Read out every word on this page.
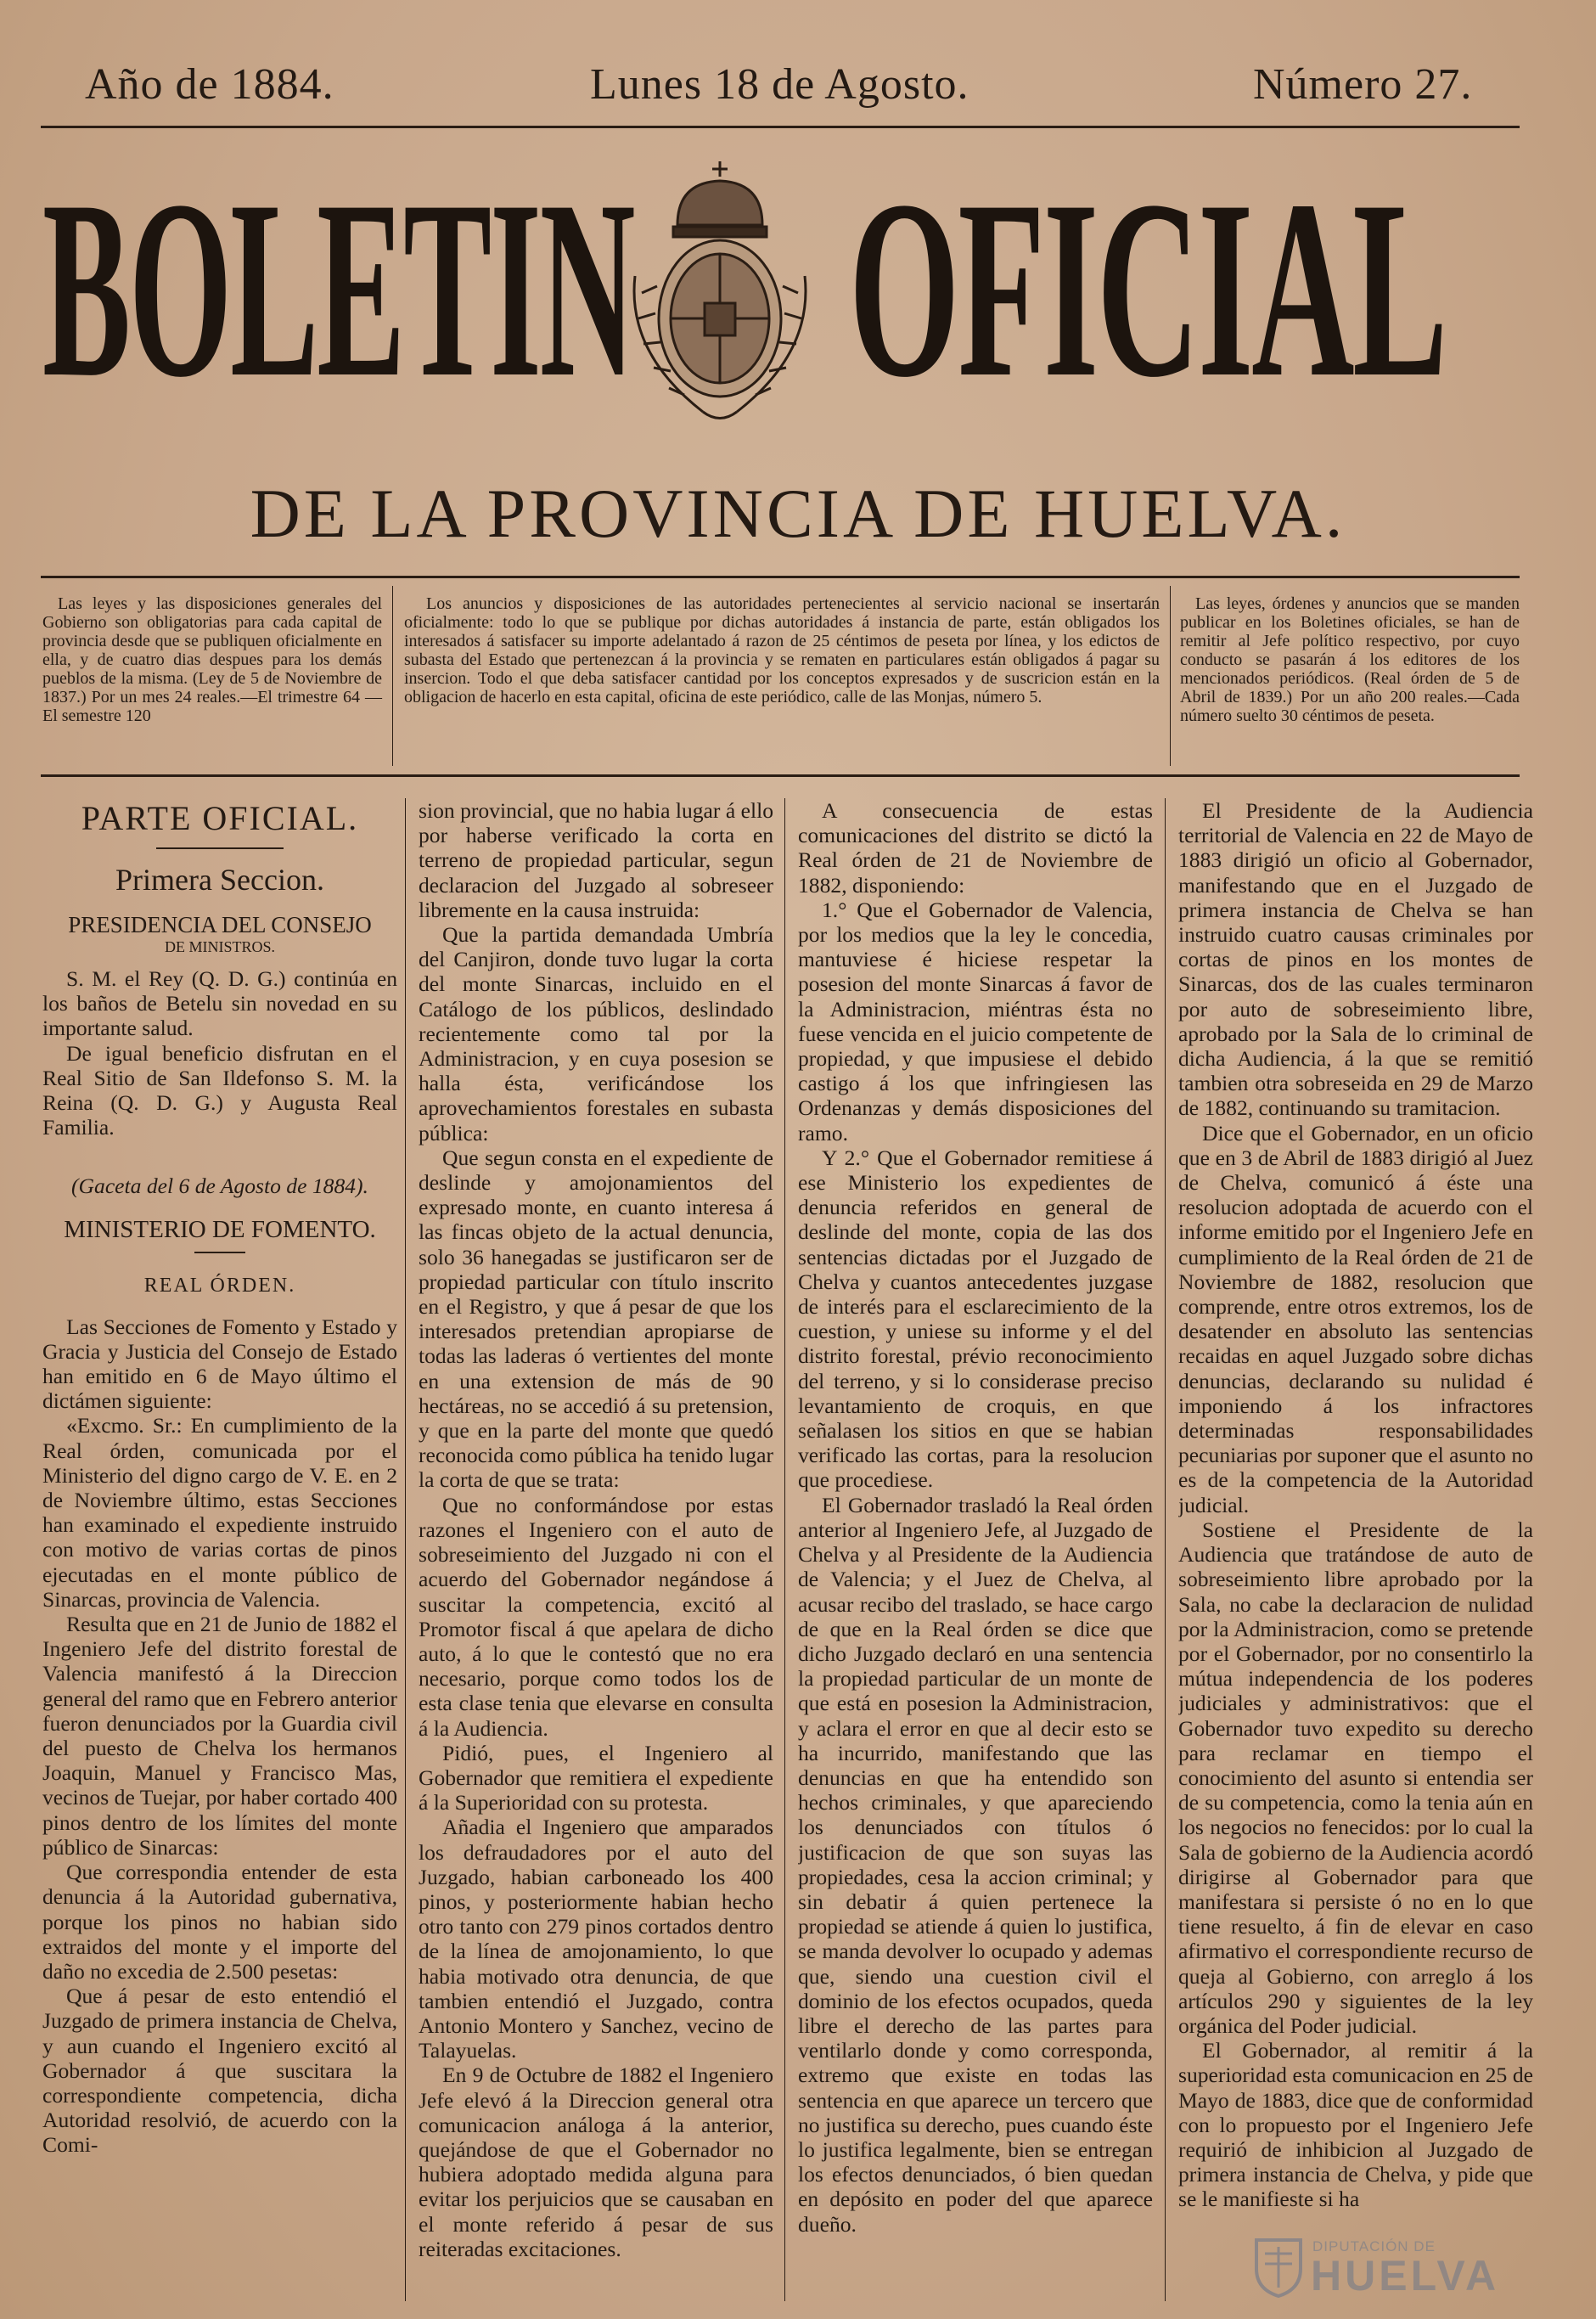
Año de 1884.	Lunes 18 de Agosto.	Número 27.
BOLETIN OFICIAL
DE LA PROVINCIA DE HUELVA.
Las leyes y las disposiciones generales del Gobierno son obligatorias para cada capital de provincia desde que se publiquen oficialmente en ella, y de cuatro dias despues para los demás pueblos de la misma. (Ley de 5 de Noviembre de 1837.) Por un mes 24 reales.—El trimestre 64 —El semestre 120
Los anuncios y disposiciones de las autoridades pertenecientes al servicio nacional se insertarán oficialmente: todo lo que se publique por dichas autoridades á instancia de parte, están obligados los interesados á satisfacer su importe adelantado á razon de 25 céntimos de peseta por línea, y los edictos de subasta del Estado que pertenezcan á la provincia y se rematen en particulares están obligados á pagar su insercion. Todo el que deba satisfacer cantidad por los conceptos expresados y de suscricion están en la obligacion de hacerlo en esta capital, oficina de este periódico, calle de las Monjas, número 5.
Las leyes, órdenes y anuncios que se manden publicar en los Boletines oficiales, se han de remitir al Jefe político respectivo, por cuyo conducto se pasarán á los editores de los mencionados periódicos. (Real órden de 5 de Abril de 1839.) Por un año 200 reales.—Cada número suelto 30 céntimos de peseta.
PARTE OFICIAL.
Primera Seccion.
PRESIDENCIA DEL CONSEJO
DE MINISTROS.

S. M. el Rey (Q. D. G.) continúa en los baños de Betelu sin novedad en su importante salud.

De igual beneficio disfrutan en el Real Sitio de San Ildefonso S. M. la Reina (Q. D. G.) y Augusta Real Familia.

(Gaceta del 6 de Agosto de 1884).

MINISTERIO DE FOMENTO.
REAL ÓRDEN.

Las Secciones de Fomento y Estado y Gracia y Justicia del Consejo de Estado han emitido en 6 de Mayo último el dictámen siguiente:

«Excmo. Sr.: En cumplimiento de la Real órden, comunicada por el Ministerio del digno cargo de V. E. en 2 de Noviembre último, estas Secciones han examinado el expediente instruido con motivo de varias cortas de pinos ejecutadas en el monte público de Sinarcas, provincia de Valencia.

Resulta que en 21 de Junio de 1882 el Ingeniero Jefe del distrito forestal de Valencia manifestó á la Direccion general del ramo que en Febrero anterior fueron denunciados por la Guardia civil del puesto de Chelva los hermanos Joaquin, Manuel y Francisco Mas, vecinos de Tuejar, por haber cortado 400 pinos dentro de los límites del monte público de Sinarcas:

Que correspondia entender de esta denuncia á la Autoridad gubernativa, porque los pinos no habian sido extraidos del monte y el importe del daño no excedia de 2.500 pesetas:

Que á pesar de esto entendió el Juzgado de primera instancia de Chelva, y aun cuando el Ingeniero excitó al Gobernador á que suscitara la correspondiente competencia, dicha Autoridad resolvió, de acuerdo con la Comi-

sion provincial, que no habia lugar á ello por haberse verificado la corta en terreno de propiedad particular, segun declaracion del Juzgado al sobreseer libremente en la causa instruida:

Que la partida demandada Umbría del Canjiron, donde tuvo lugar la corta del monte Sinarcas, incluido en el Catálogo de los públicos, deslindado recientemente como tal por la Administracion, y en cuya posesion se halla ésta, verificándose los aprovechamientos forestales en subasta pública:

Que segun consta en el expediente de deslinde y amojonamientos del expresado monte, en cuanto interesa á las fincas objeto de la actual denuncia, solo 36 hanegadas se justificaron ser de propiedad particular con título inscrito en el Registro, y que á pesar de que los interesados pretendian apropiarse de todas las laderas ó vertientes del monte en una extension de más de 90 hectáreas, no se accedió á su pretension, y que en la parte del monte que quedó reconocida como pública ha tenido lugar la corta de que se trata:

Que no conformándose por estas razones el Ingeniero con el auto de sobreseimiento del Juzgado ni con el acuerdo del Gobernador negándose á suscitar la competencia, excitó al Promotor fiscal á que apelara de dicho auto, á lo que le contestó que no era necesario, porque como todos los de esta clase tenia que elevarse en consulta á la Audiencia.

Pidió, pues, el Ingeniero al Gobernador que remitiera el expediente á la Superioridad con su protesta.

Añadia el Ingeniero que amparados los defraudadores por el auto del Juzgado, habian carboneado los 400 pinos, y posteriormente habian hecho otro tanto con 279 pinos cortados dentro de la línea de amojonamiento, lo que habia motivado otra denuncia, de que tambien entendió el Juzgado, contra Antonio Montero y Sanchez, vecino de Talayuelas.

En 9 de Octubre de 1882 el Ingeniero Jefe elevó á la Direccion general otra comunicacion análoga á la anterior, quejándose de que el Gobernador no hubiera adoptado medida alguna para evitar los perjuicios que se causaban en el monte referido á pesar de sus reiteradas excitaciones.

A consecuencia de estas comunicaciones del distrito se dictó la Real órden de 21 de Noviembre de 1882, disponiendo:

1.° Que el Gobernador de Valencia, por los medios que la ley le concedia, mantuviese é hiciese respetar la posesion del monte Sinarcas á favor de la Administracion, miéntras ésta no fuese vencida en el juicio competente de propiedad, y que impusiese el debido castigo á los que infringiesen las Ordenanzas y demás disposiciones del ramo.

Y 2.° Que el Gobernador remitiese á ese Ministerio los expedientes de denuncia referidos en general de deslinde del monte, copia de las dos sentencias dictadas por el Juzgado de Chelva y cuantos antecedentes juzgase de interés para el esclarecimiento de la cuestion, y uniese su informe y el del distrito forestal, prévio reconocimiento del terreno, y si lo considerase preciso levantamiento de croquis, en que señalasen los sitios en que se habian verificado las cortas, para la resolucion que procediese.

El Gobernador trasladó la Real órden anterior al Ingeniero Jefe, al Juzgado de Chelva y al Presidente de la Audiencia de Valencia; y el Juez de Chelva, al acusar recibo del traslado, se hace cargo de que en la Real órden se dice que dicho Juzgado declaró en una sentencia la propiedad particular de un monte de que está en posesion la Administracion, y aclara el error en que al decir esto se ha incurrido, manifestando que las denuncias en que ha entendido son hechos criminales, y que apareciendo los denunciados con títulos ó justificacion de que son suyas las propiedades, cesa la accion criminal; y sin debatir á quien pertenece la propiedad se atiende á quien lo justifica, se manda devolver lo ocupado y ademas que, siendo una cuestion civil el dominio de los efectos ocupados, queda libre el derecho de las partes para ventilarlo donde y como corresponda, extremo que existe en todas las sentencia en que aparece un tercero que no justifica su derecho, pues cuando éste lo justifica legalmente, bien se entregan los efectos denunciados, ó bien quedan en depósito en poder del que aparece dueño.

El Presidente de la Audiencia territorial de Valencia en 22 de Mayo de 1883 dirigió un oficio al Gobernador, manifestando que en el Juzgado de primera instancia de Chelva se han instruido cuatro causas criminales por cortas de pinos en los montes de Sinarcas, dos de las cuales terminaron por auto de sobreseimiento libre, aprobado por la Sala de lo criminal de dicha Audiencia, á la que se remitió tambien otra sobreseida en 29 de Marzo de 1882, continuando su tramitacion.

Dice que el Gobernador, en un oficio que en 3 de Abril de 1883 dirigió al Juez de Chelva, comunicó á éste una resolucion adoptada de acuerdo con el informe emitido por el Ingeniero Jefe en cumplimiento de la Real órden de 21 de Noviembre de 1882, resolucion que comprende, entre otros extremos, los de desatender en absoluto las sentencias recaidas en aquel Juzgado sobre dichas denuncias, declarando su nulidad é imponiendo á los infractores determinadas responsabilidades pecuniarias por suponer que el asunto no es de la competencia de la Autoridad judicial.

Sostiene el Presidente de la Audiencia que tratándose de auto de sobreseimiento libre aprobado por la Sala, no cabe la declaracion de nulidad por la Administracion, como se pretende por el Gobernador, por no consentirlo la mútua independencia de los poderes judiciales y administrativos: que el Gobernador tuvo expedito su derecho para reclamar en tiempo el conocimiento del asunto si entendia ser de su competencia, como la tenia aún en los negocios no fenecidos: por lo cual la Sala de gobierno de la Audiencia acordó dirigirse al Gobernador para que manifestara si persiste ó no en lo que tiene resuelto, á fin de elevar en caso afirmativo el correspondiente recurso de queja al Gobierno, con arreglo á los artículos 290 y siguientes de la ley orgánica del Poder judicial.

El Gobernador, al remitir á la superioridad esta comunicacion en 25 de Mayo de 1883, dice que de conformidad con lo propuesto por el Ingeniero Jefe requirió de inhibicion al Juzgado de primera instancia de Chelva, y pide que se le manifieste si ha

DIPUTACIÓN DE
HUELVA
